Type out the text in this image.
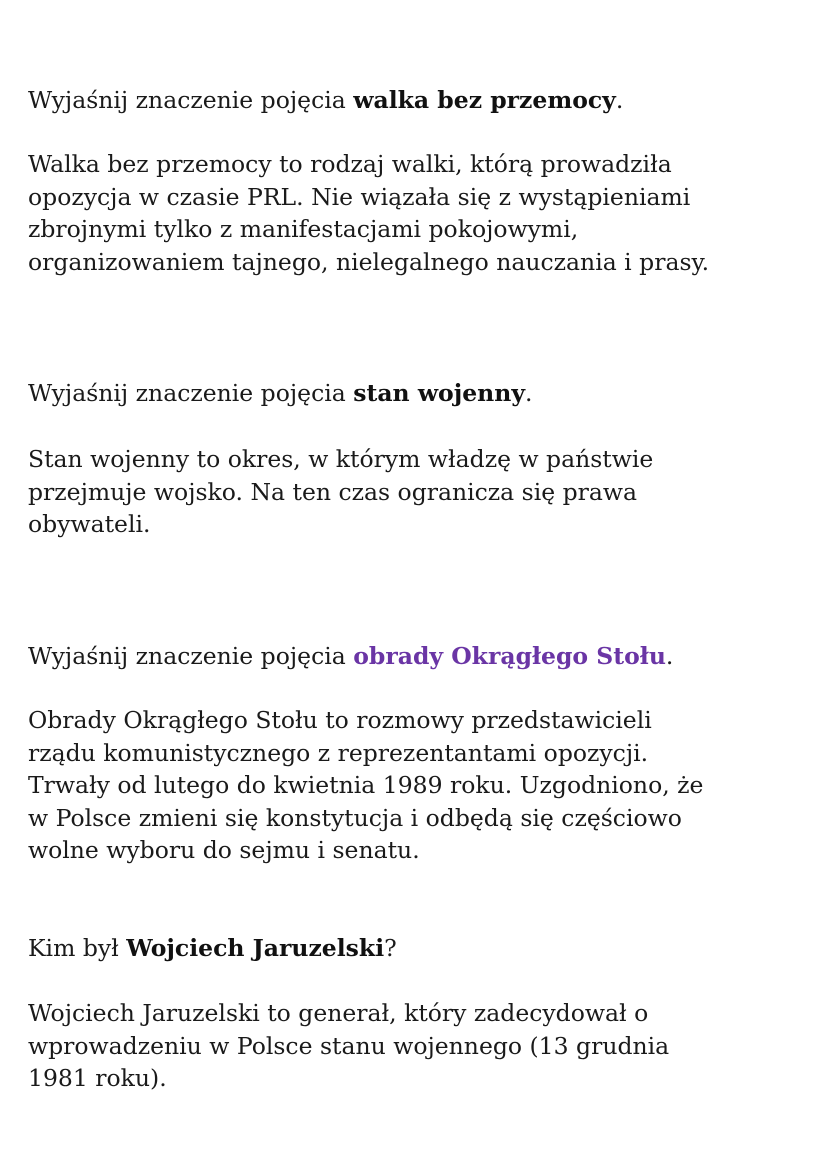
Wyjaśnij znaczenie pojęcia walka bez przemocy.

Walka bez przemocy to rodzaj walki, którą prowadziła
opozycja w czasie PRL. Nie wiązała się z wystąpieniami
zbrojnymi tylko z manifestacjami pokojowymi,
organizowaniem tajnego, nielegalnego nauczania i prasy.

Wyjaśnij znaczenie pojęcia stan wojenny.

Stan wojenny to okres, w którym władzę w państwie
przejmuje wojsko. Na ten czas ogranicza się prawa
obywateli.

Wyjaśnij znaczenie pojęcia obrady Okrągłego Stołu.

Obrady Okrągłego Stołu to rozmowy przedstawicieli
rządu komunistycznego z reprezentantami opozycji.
Trwały od lutego do kwietnia 1989 roku. Uzgodniono, że
w Polsce zmieni się konstytucja i odbędą się częściowo
wolne wyboru do sejmu i senatu.

Kim był Wojciech Jaruzelski?

Wojciech Jaruzelski to generał, który zadecydował o
wprowadzeniu w Polsce stanu wojennego (13 grudnia
1981 roku).
